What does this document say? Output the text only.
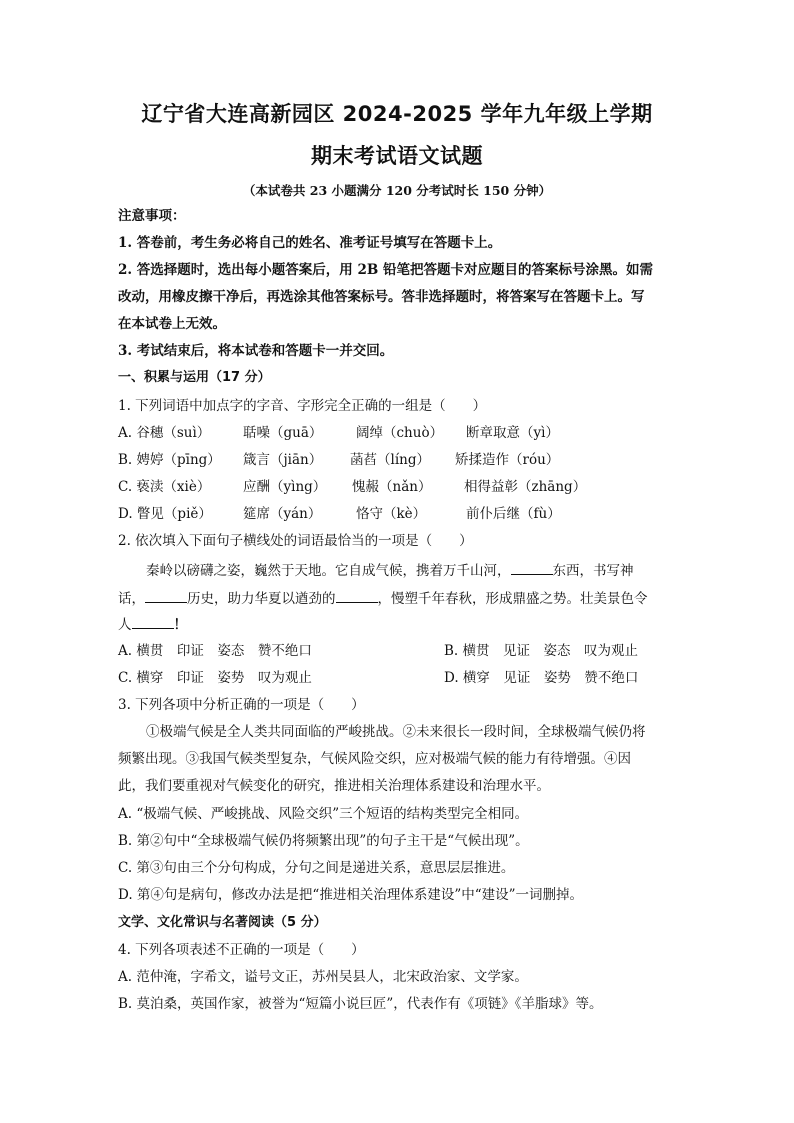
辽宁省大连高新园区 2024-2025 学年九年级上学期
期末考试语文试题
（本试卷共 23 小题满分 120 分考试时长 150 分钟）
注意事项：
1. 答卷前，考生务必将自己的姓名、准考证号填写在答题卡上。
2. 答选择题时，选出每小题答案后，用 2B 铅笔把答题卡对应题目的答案标号涂黑。如需
改动，用橡皮擦干净后，再选涂其他答案标号。答非选择题时，将答案写在答题卡上。写
在本试卷上无效。
3. 考试结束后，将本试卷和答题卡一并交回。
一、积累与运用（17 分）
1. 下列词语中加点字的字音、字形完全正确的一组是（　　）
A. 谷穗（suì） 聒噪（guā） 阔绰（chuò） 断章取意（yì）
B. 娉婷（pīng） 箴言（jiān） 菡萏（líng） 矫揉造作（róu）
C. 亵渎（xiè） 应酬（yìng） 愧赧（nǎn） 相得益彰（zhāng）
D. 瞥见（piě） 筵席（yán）	恪守（kè）	前仆后继（fù）
2. 依次填入下面句子横线处的词语最恰当的一项是（　　）
秦岭以磅礴之姿，巍然于天地。它自成气候，携着万千山河，	东西，书写神
话，	历史，助力华夏以遒劲的	，慢塑千年春秋，形成鼎盛之势。壮美景色令
人	！
A. 横贯　印证　姿态　赞不绝口	B. 横贯　见证　姿态　叹为观止
C. 横穿　印证　姿势　叹为观止	D. 横穿　见证　姿势　赞不绝口
3. 下列各项中分析正确的一项是（　　）
①极端气候是全人类共同面临的严峻挑战。②未来很长一段时间，全球极端气候仍将
频繁出现。③我国气候类型复杂，气候风险交织，应对极端气候的能力有待增强。④因
此，我们要重视对气候变化的研究，推进相关治理体系建设和治理水平。
A. “极端气候、严峻挑战、风险交织”三个短语的结构类型完全相同。
B. 第②句中“全球极端气候仍将频繁出现”的句子主干是“气候出现”。
C. 第③句由三个分句构成，分句之间是递进关系，意思层层推进。
D. 第④句是病句，修改办法是把“推进相关治理体系建设”中“建设”一词删掉。
文学、文化常识与名著阅读（5 分）
4. 下列各项表述不正确的一项是（　　）
A. 范仲淹，字希文，谥号文正，苏州吴县人，北宋政治家、文学家。
B. 莫泊桑，英国作家，被誉为“短篇小说巨匠”，代表作有《项链》《羊脂球》等。
